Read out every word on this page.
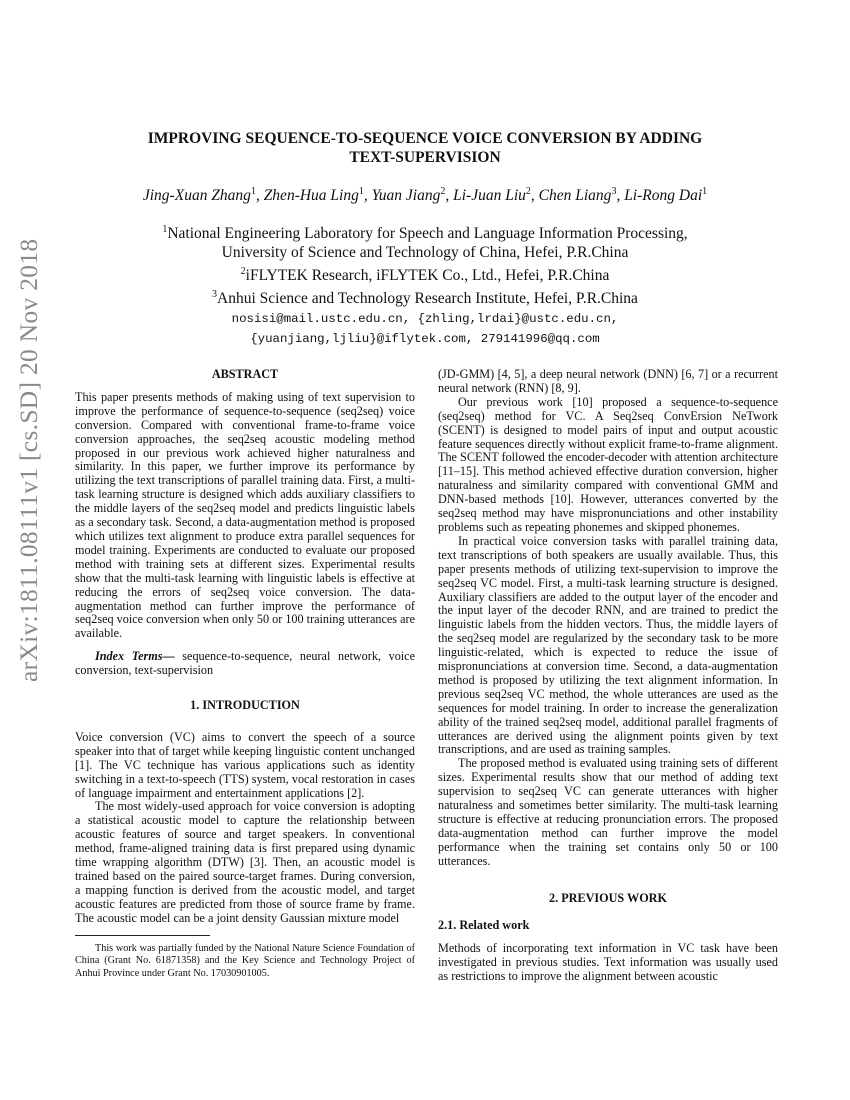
arXiv:1811.08111v1 [cs.SD] 20 Nov 2018
IMPROVING SEQUENCE-TO-SEQUENCE VOICE CONVERSION BY ADDING
TEXT-SUPERVISION
Jing-Xuan Zhang$^1$, Zhen-Hua Ling$^1$, Yuan Jiang$^2$, Li-Juan Liu$^2$, Chen Liang$^3$, Li-Rong Dai$^1$
$^1$National Engineering Laboratory for Speech and Language Information Processing,
University of Science and Technology of China, Hefei, P.R.China
$^2$iFLYTEK Research, iFLYTEK Co., Ltd., Hefei, P.R.China
$^3$Anhui Science and Technology Research Institute, Hefei, P.R.China
nosisi@mail.ustc.edu.cn, {zhling,lrdai}@ustc.edu.cn,
{yuanjiang,ljliu}@iflytek.com, 279141996@qq.com
ABSTRACT

This paper presents methods of making using of text supervision to improve the performance of sequence-to-sequence (seq2seq) voice conversion. Compared with conventional frame-to-frame voice conversion approaches, the seq2seq acoustic modeling method proposed in our previous work achieved higher naturalness and similarity. In this paper, we further improve its performance by utilizing the text transcriptions of parallel training data. First, a multi-task learning structure is designed which adds auxiliary classifiers to the middle layers of the seq2seq model and predicts linguistic labels as a secondary task. Second, a data-augmentation method is proposed which utilizes text alignment to produce extra parallel sequences for model training. Experiments are conducted to evaluate our proposed method with training sets at different sizes. Experimental results show that the multi-task learning with linguistic labels is effective at reducing the errors of seq2seq voice conversion. The data-augmentation method can further improve the performance of seq2seq voice conversion when only 50 or 100 training utterances are available.

Index Terms— sequence-to-sequence, neural network, voice conversion, text-supervision

1. INTRODUCTION

Voice conversion (VC) aims to convert the speech of a source speaker into that of target while keeping linguistic content unchanged [1]. The VC technique has various applications such as identity switching in a text-to-speech (TTS) system, vocal restoration in cases of language impairment and entertainment applications [2].

The most widely-used approach for voice conversion is adopting a statistical acoustic model to capture the relationship between acoustic features of source and target speakers. In conventional method, frame-aligned training data is first prepared using dynamic time wrapping algorithm (DTW) [3]. Then, an acoustic model is trained based on the paired source-target frames. During conversion, a mapping function is derived from the acoustic model, and target acoustic features are predicted from those of source frame by frame. The acoustic model can be a joint density Gaussian mixture model

This work was partially funded by the National Nature Science Foundation of China (Grant No. 61871358) and the Key Science and Technology Project of Anhui Province under Grant No. 17030901005.

(JD-GMM) [4, 5], a deep neural network (DNN) [6, 7] or a recurrent neural network (RNN) [8, 9].

Our previous work [10] proposed a sequence-to-sequence (seq2seq) method for VC. A Seq2seq ConvErsion NeTwork (SCENT) is designed to model pairs of input and output acoustic feature sequences directly without explicit frame-to-frame alignment. The SCENT followed the encoder-decoder with attention architecture [11–15]. This method achieved effective duration conversion, higher naturalness and similarity compared with conventional GMM and DNN-based methods [10]. However, utterances converted by the seq2seq method may have mispronunciations and other instability problems such as repeating phonemes and skipped phonemes.

In practical voice conversion tasks with parallel training data, text transcriptions of both speakers are usually available. Thus, this paper presents methods of utilizing text-supervision to improve the seq2seq VC model. First, a multi-task learning structure is designed. Auxiliary classifiers are added to the output layer of the encoder and the input layer of the decoder RNN, and are trained to predict the linguistic labels from the hidden vectors. Thus, the middle layers of the seq2seq model are regularized by the secondary task to be more linguistic-related, which is expected to reduce the issue of mispronunciations at conversion time. Second, a data-augmentation method is proposed by utilizing the text alignment information. In previous seq2seq VC method, the whole utterances are used as the sequences for model training. In order to increase the generalization ability of the trained seq2seq model, additional parallel fragments of utterances are derived using the alignment points given by text transcriptions, and are used as training samples.

The proposed method is evaluated using training sets of different sizes. Experimental results show that our method of adding text supervision to seq2seq VC can generate utterances with higher naturalness and sometimes better similarity. The multi-task learning structure is effective at reducing pronunciation errors. The proposed data-augmentation method can further improve the model performance when the training set contains only 50 or 100 utterances.

2. PREVIOUS WORK
2.1. Related work

Methods of incorporating text information in VC task have been investigated in previous studies. Text information was usually used as restrictions to improve the alignment between acoustic
